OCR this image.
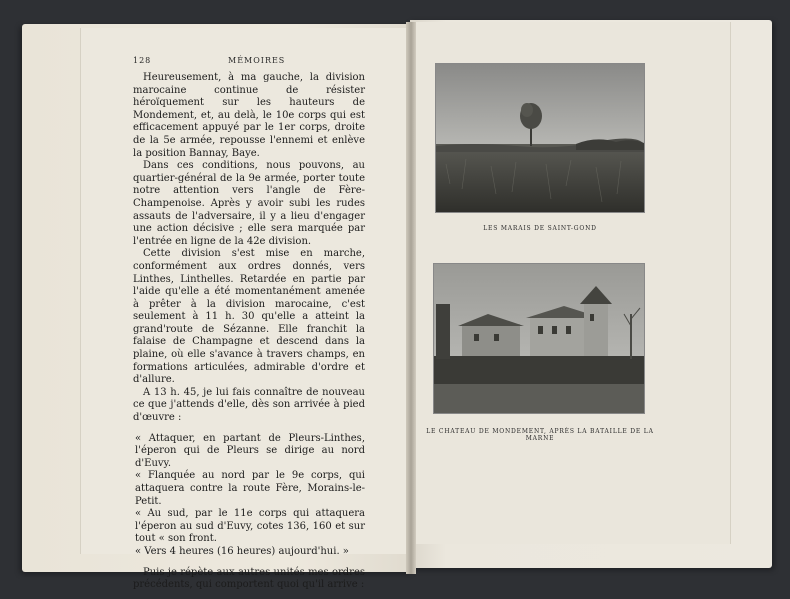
128	MÉMOIRES

Heureusement, à ma gauche, la division marocaine continue de résister héroïquement sur les hauteurs de Mondement, et, au delà, le 10e corps qui est efficacement appuyé par le 1er corps, droite de la 5e armée, repousse l'ennemi et enlève la position Bannay, Baye.

Dans ces conditions, nous pouvons, au quartier-général de la 9e armée, porter toute notre attention vers l'angle de Fère-Champenoise. Après y avoir subi les rudes assauts de l'adversaire, il y a lieu d'engager une action décisive ; elle sera marquée par l'entrée en ligne de la 42e division.

Cette division s'est mise en marche, conformément aux ordres donnés, vers Linthes, Linthelles. Retardée en partie par l'aide qu'elle a été momentanément amenée à prêter à la division marocaine, c'est seulement à 11 h. 30 qu'elle a atteint la grand'route de Sézanne. Elle franchit la falaise de Champagne et descend dans la plaine, où elle s'avance à travers champs, en formations articulées, admirable d'ordre et d'allure.

A 13 h. 45, je lui fais connaître de nouveau ce que j'attends d'elle, dès son arrivée à pied d'œuvre :

« Attaquer, en partant de Pleurs-Linthes, l'éperon qui de Pleurs se dirige au nord d'Euvy.

« Flanquée au nord par le 9e corps, qui attaquera contre la route Fère, Morains-le-Petit.

« Au sud, par le 11e corps qui attaquera l'éperon au sud d'Euvy, cotes 136, 160 et sur tout « son front.

« Vers 4 heures (16 heures) aujourd'hui. »

Puis je répète aux autres unités mes ordres précédents, qui comportent quoi qu'il arrive :

LES MARAIS DE SAINT-GOND
LE CHATEAU DE MONDEMENT, APRÈS LA BATAILLE DE LA MARNE
